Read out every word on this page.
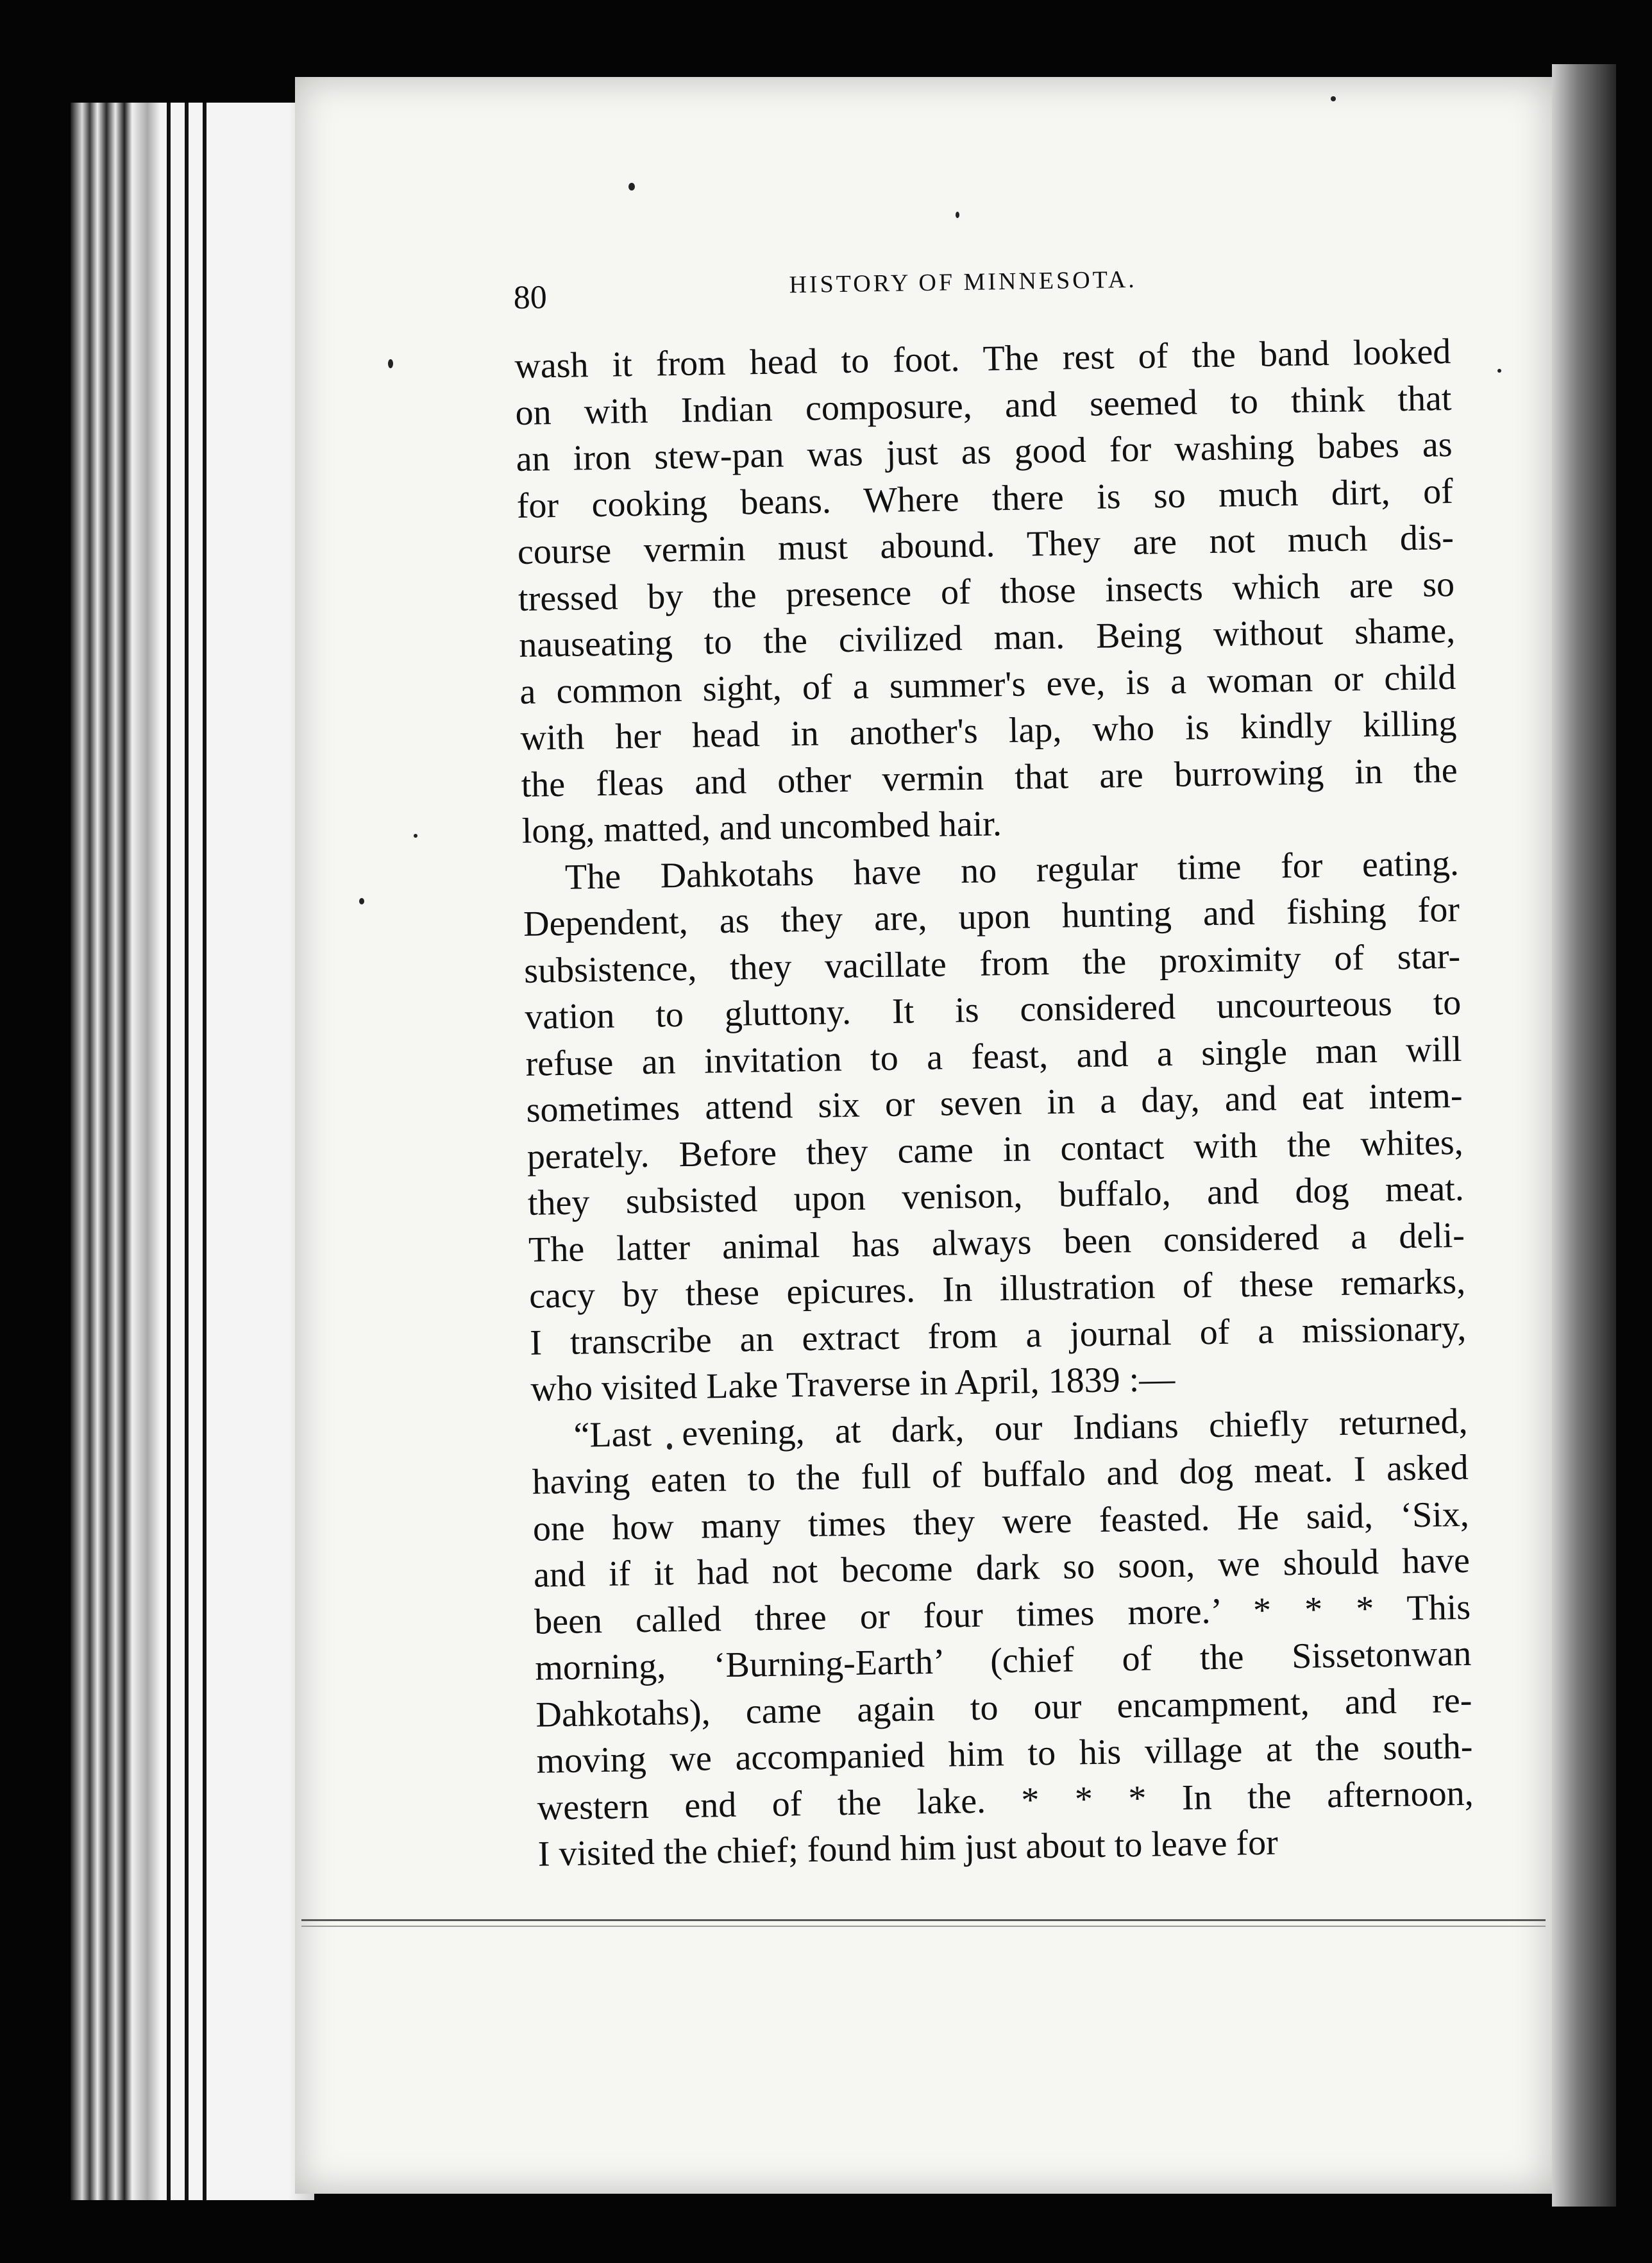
80	HISTORY OF MINNESOTA.
wash it from head to foot. The rest of the band looked
on with Indian composure, and seemed to think that
an iron stew-pan was just as good for washing babes as
for cooking beans. Where there is so much dirt, of
course vermin must abound. They are not much dis-
tressed by the presence of those insects which are so
nauseating to the civilized man. Being without shame,
a common sight, of a summer's eve, is a woman or child
with her head in another's lap, who is kindly killing
the fleas and other vermin that are burrowing in the
long, matted, and uncombed hair.
The Dahkotahs have no regular time for eating.
Dependent, as they are, upon hunting and fishing for
subsistence, they vacillate from the proximity of star-
vation to gluttony. It is considered uncourteous to
refuse an invitation to a feast, and a single man will
sometimes attend six or seven in a day, and eat intem-
perately. Before they came in contact with the whites,
they subsisted upon venison, buffalo, and dog meat.
The latter animal has always been considered a deli-
cacy by these epicures. In illustration of these remarks,
I transcribe an extract from a journal of a missionary,
who visited Lake Traverse in April, 1839 :—
“Last evening, at dark, our Indians chiefly returned,
having eaten to the full of buffalo and dog meat. I asked
one how many times they were feasted. He said, ‘Six,
and if it had not become dark so soon, we should have
been called three or four times more.’ * * * This
morning, ‘Burning-Earth’ (chief of the Sissetonwan
Dahkotahs), came again to our encampment, and re-
moving we accompanied him to his village at the south-
western end of the lake. * * * In the afternoon,
I visited the chief; found him just about to leave for
